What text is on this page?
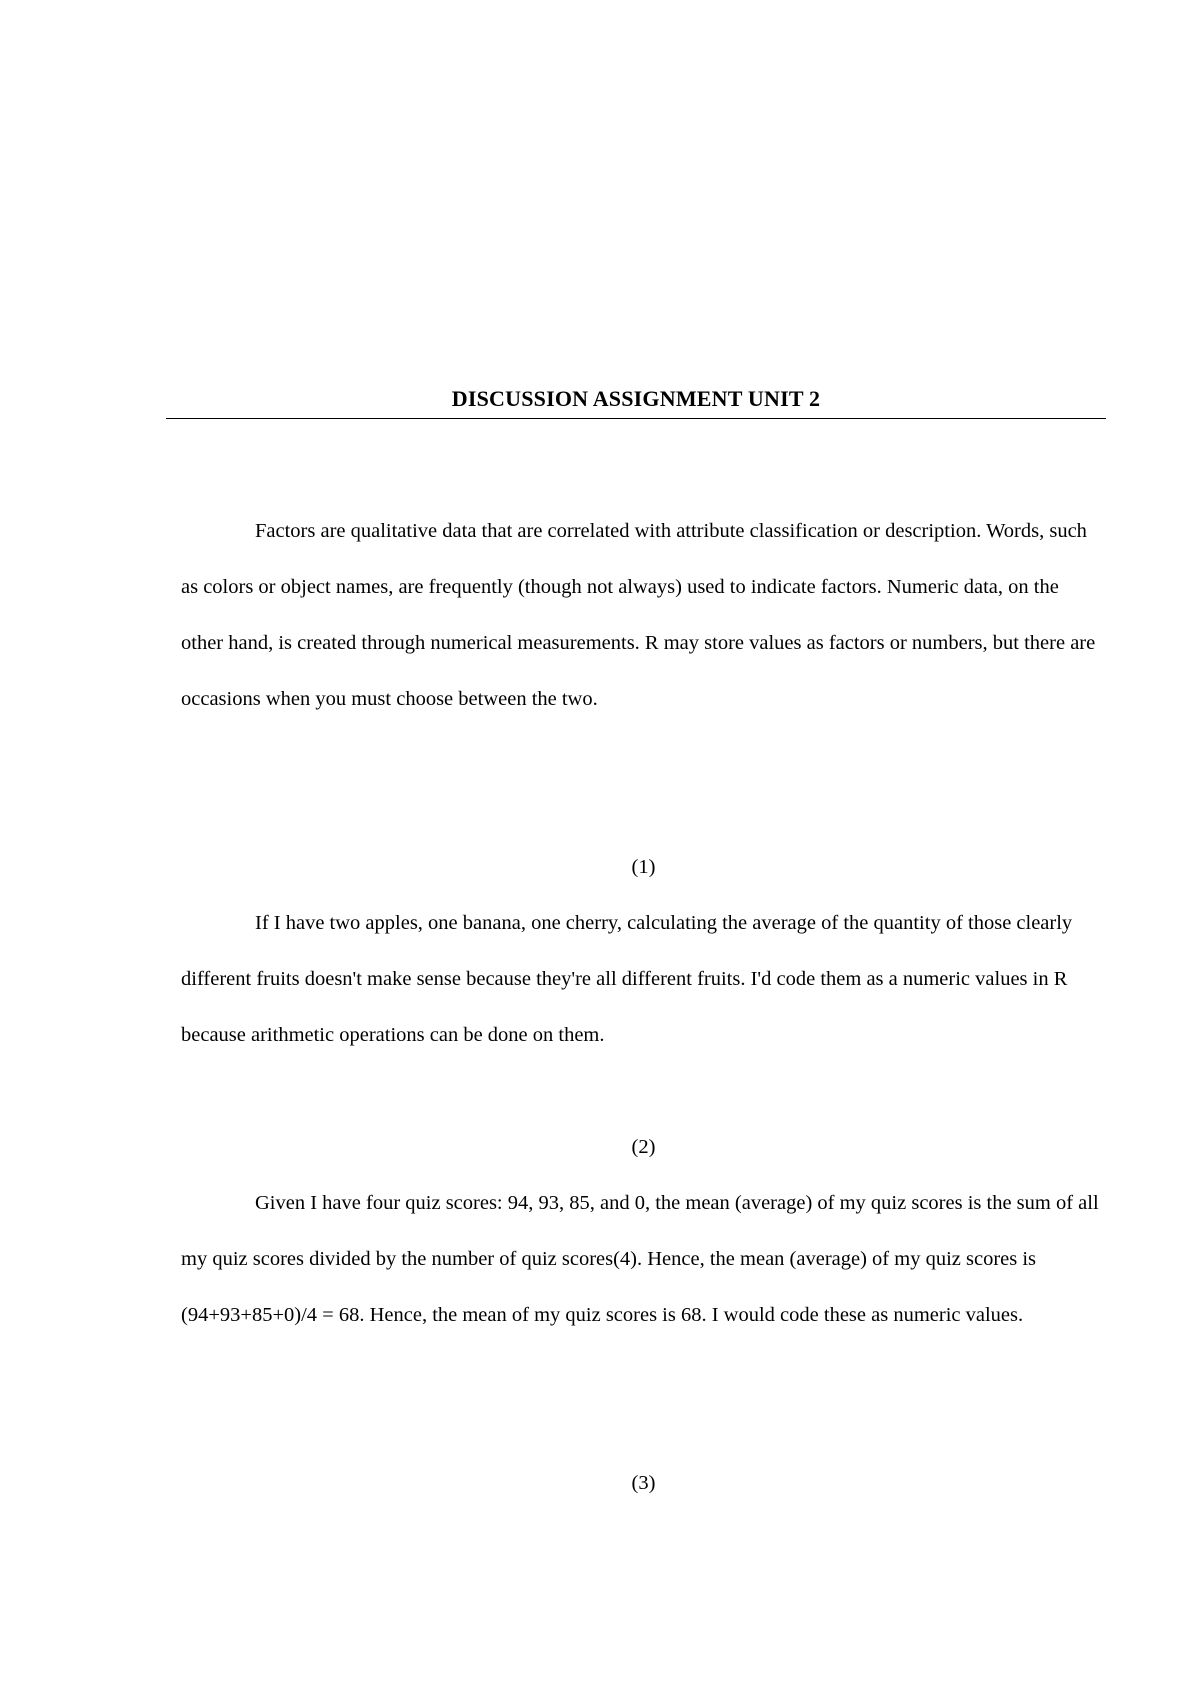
DISCUSSION ASSIGNMENT UNIT 2

Factors are qualitative data that are correlated with attribute classification or description. Words, such as colors or object names, are frequently (though not always) used to indicate factors. Numeric data, on the other hand, is created through numerical measurements. R may store values as factors or numbers, but there are occasions when you must choose between the two.

(1)

If I have two apples, one banana, one cherry, calculating the average of the quantity of those clearly different fruits doesn't make sense because they're all different fruits. I'd code them as a numeric values in R because arithmetic operations can be done on them.

(2)

Given I have four quiz scores: 94, 93, 85, and 0, the mean (average) of my quiz scores is the sum of all my quiz scores divided by the number of quiz scores(4). Hence, the mean (average) of my quiz scores is (94+93+85+0)/4 = 68. Hence, the mean of my quiz scores is 68. I would code these as numeric values.

(3)
